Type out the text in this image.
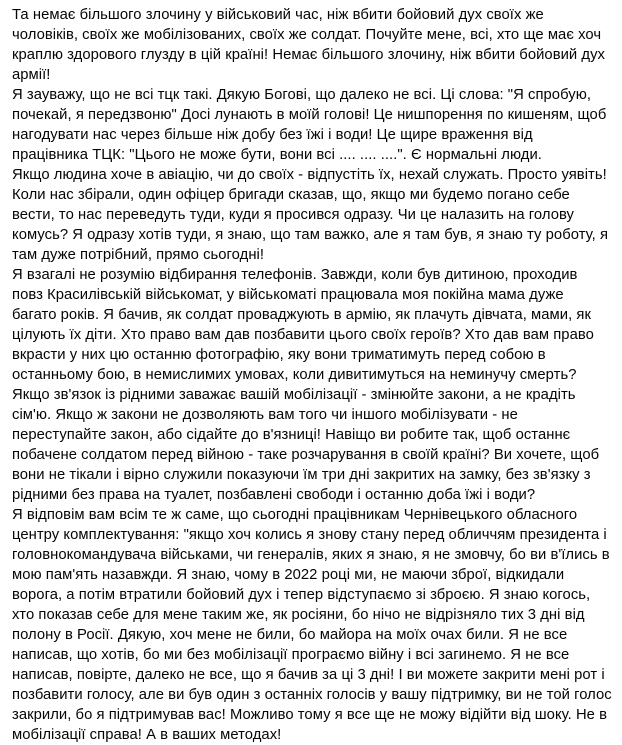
Та немає більшого злочину у військовий час, ніж вбити бойовий дух своїх же чоловіків, своїх же мобілізованих, своїх же солдат. Почуйте мене, всі, хто ще має хоч краплю здорового глузду в цій країні! Немає більшого злочину, ніж вбити бойовий дух армії!

Я зауважу, що не всі тцк такі. Дякую Богові, що далеко не всі. Ці слова: "Я спробую, почекай, я передзвоню" Досі лунають в моїй голові! Це нишпорення по кишеням, щоб нагодувати нас через більше ніж добу без їжі і води! Це щире враження від працівника ТЦК: "Цього не може бути, вони всі .... .... ....". Є нормальні люди.

Якщо людина хоче в авіацію, чи до своїх - відпустіть їх, нехай служать. Просто уявіть! Коли нас збірали, один офіцер бригади сказав, що, якщо ми будемо погано себе вести, то нас переведуть туди, куди я просився одразу. Чи це налазить на голову комусь? Я одразу хотів туди, я знаю, що там важко, але я там був, я знаю ту роботу, я там дуже потрібний, прямо сьогодні!

Я взагалі не розумію відбирання телефонів. Завжди, коли був дитиною, проходив повз Красилівській військомат, у військоматі працювала моя покійна мама дуже багато років. Я бачив, як солдат проваджують в армію, як плачуть дівчата, мами, як цілують їх діти. Хто право вам дав позбавити цього своїх героїв? Хто дав вам право вкрасти у них цю останню фотографію, яку вони триматимуть перед собою в останньому бою, в немислимих умовах, коли дивитимуться на неминучу смерть? Якщо зв'язок із рідними заважає вашій мобілізації - змінюйте закони, а не крадіть сім'ю. Якщо ж закони не дозволяють вам того чи іншого мобілізувати - не переступайте закон, або сідайте до в'язниці! Навіщо ви робите так, щоб останнє побачене солдатом перед війною - таке розчарування в своїй країні? Ви хочете, щоб вони не тікали і вірно служили показуючи їм три дні закритих на замку, без зв'язку з рідними без права на туалет, позбавлені свободи і останню доба їжі і води?

Я відповім вам всім те ж саме, що сьогодні працівникам Чернівецького обласного центру комплектування: "якщо хоч колись я знову стану перед обличчям президента і головнокомандувача військами, чи генералів, яких я знаю, я не змовчу, бо ви в'їлись в мою пам'ять назавжди. Я знаю, чому в 2022 році ми, не маючи зброї, відкидали ворога, а потім втратили бойовий дух і тепер відступаємо зі зброєю. Я знаю когось, хто показав себе для мене таким же, як росіяни, бо нічо не відрізняло тих 3 дні від полону в Росії. Дякую, хоч мене не били, бо майора на моїх очах били. Я не все написав, що хотів, бо ми без мобілізації програємо війну і всі загинемо. Я не все написав, повірте, далеко не все, що я бачив за ці 3 дні! І ви можете закрити мені рот і позбавити голосу, але ви був один з останніх голосів у вашу підтримку, ви не той голос закрили, бо я підтримував вас! Можливо тому я все ще не можу відійти від шоку. Не в мобілізації справа! А в ваших методах!
